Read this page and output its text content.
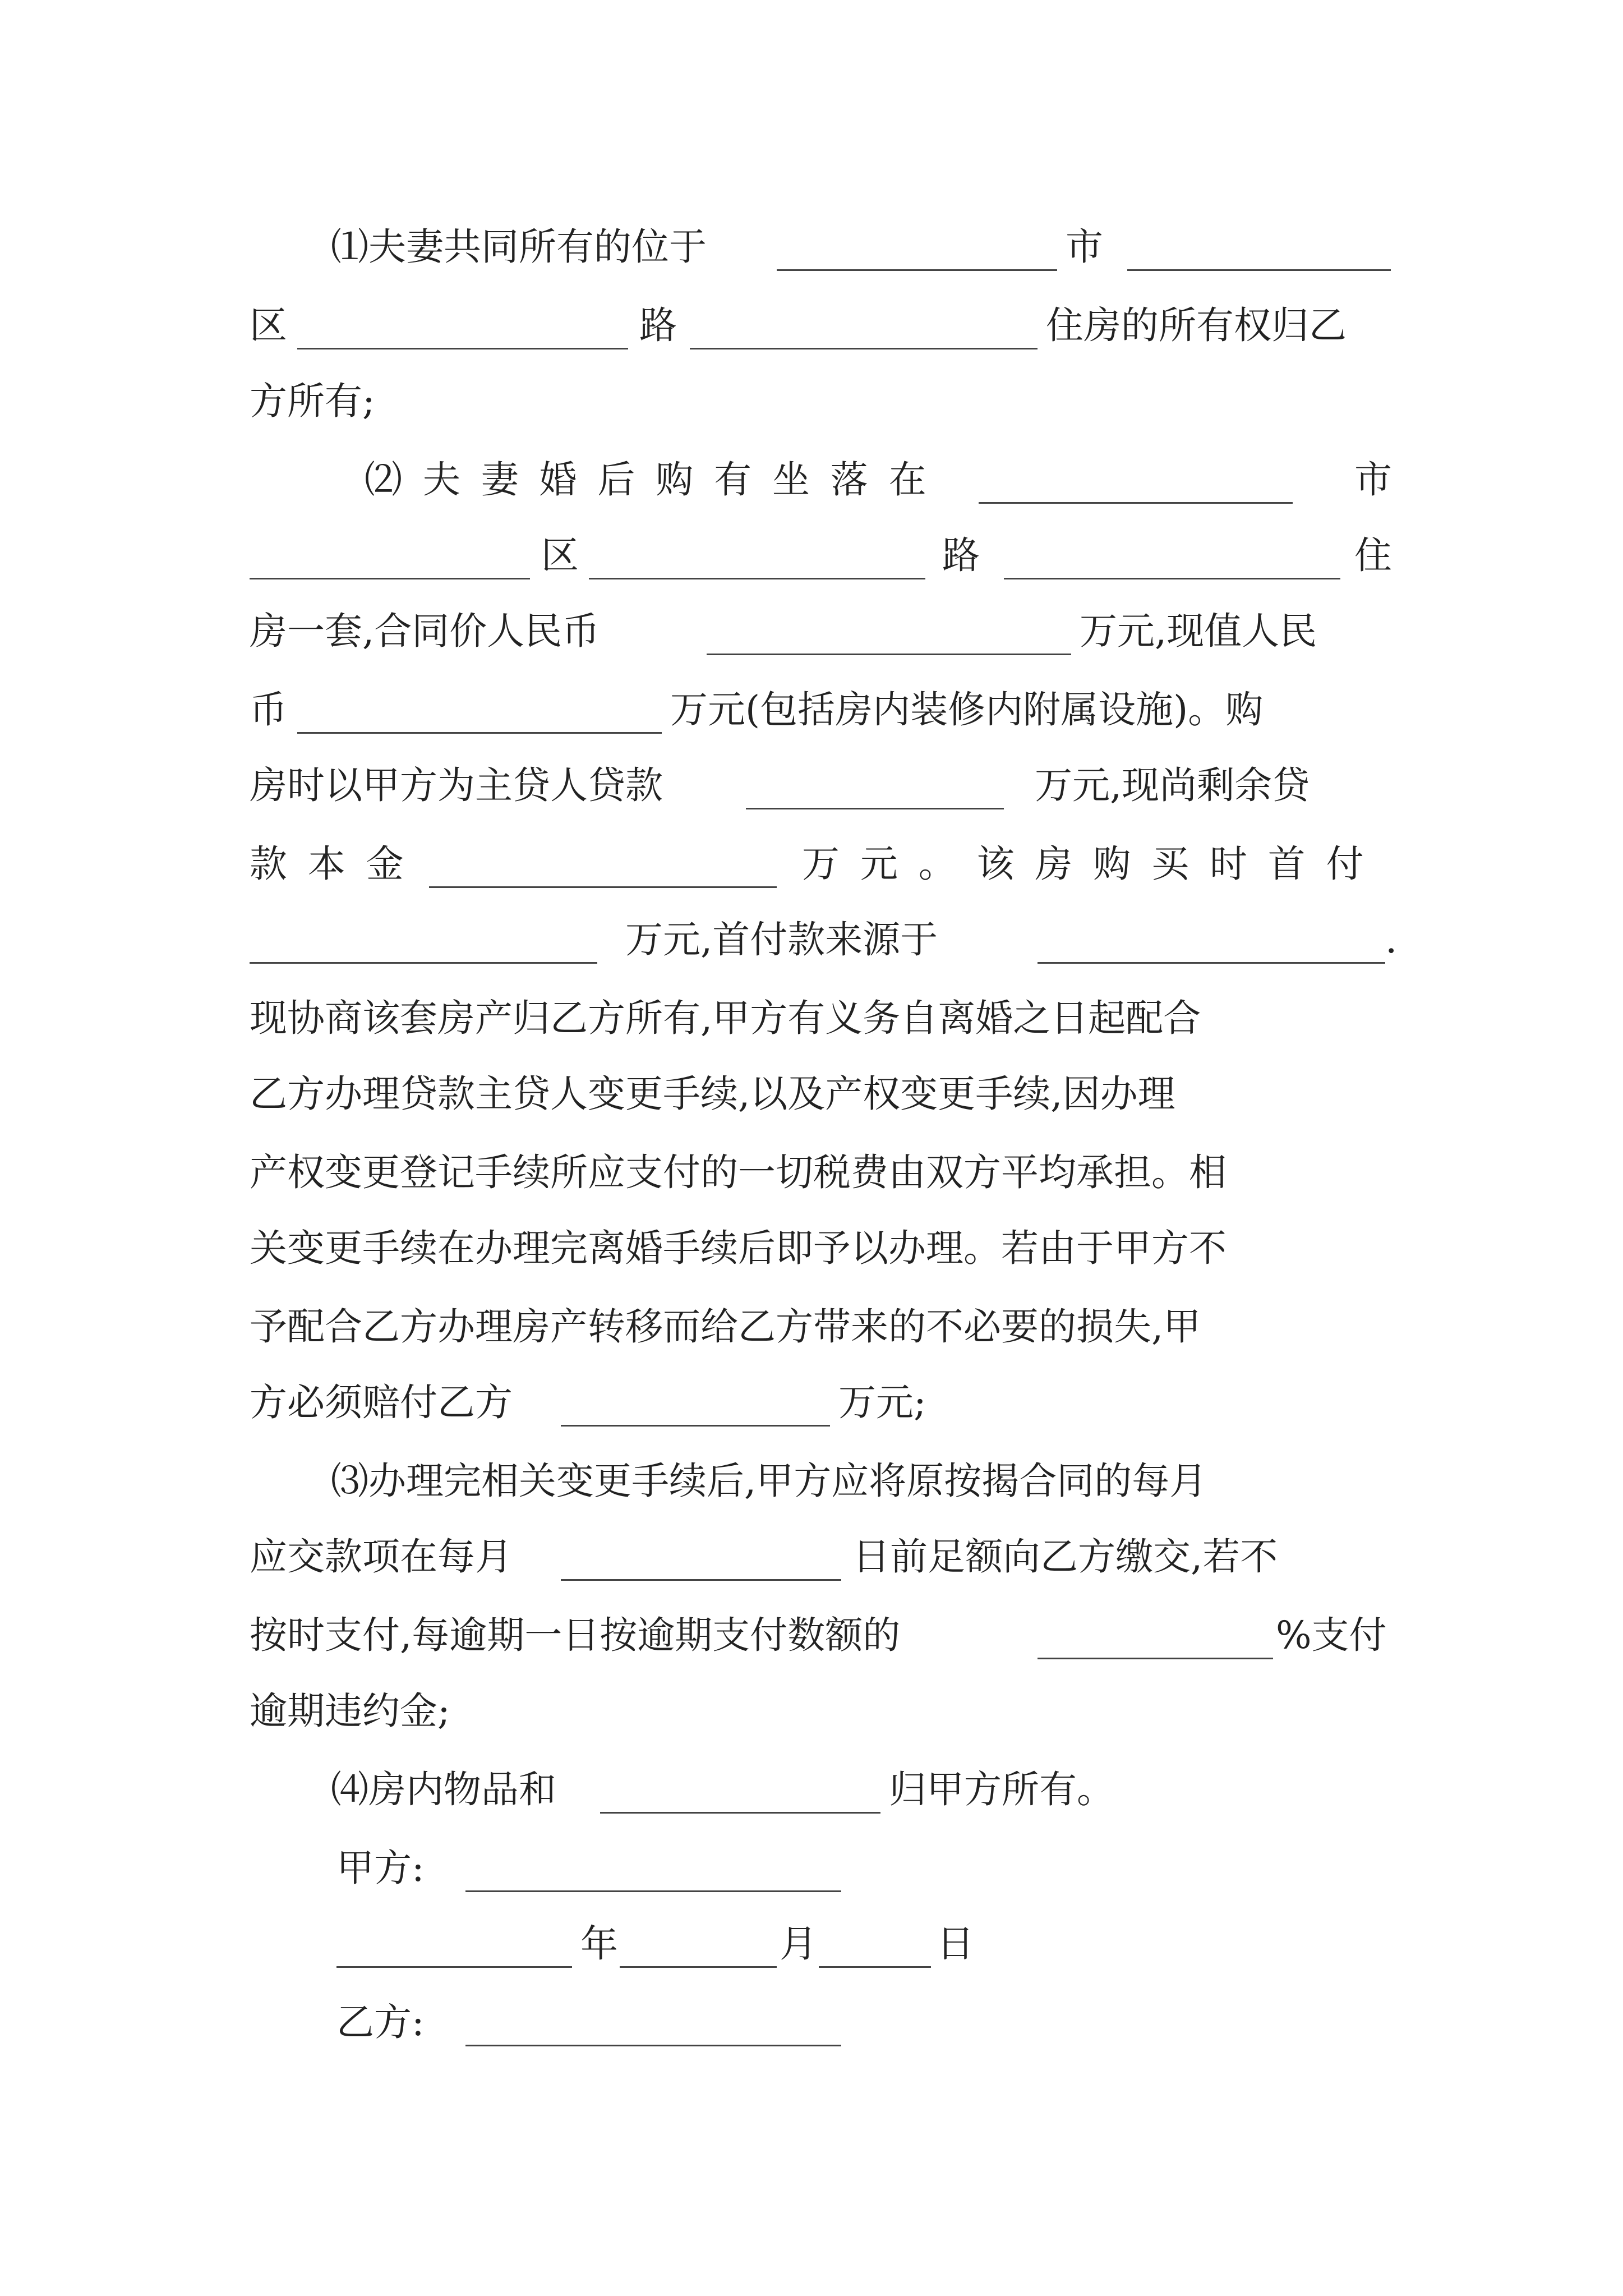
⑴夫妻共同所有的位于	市
区	路	住房的所有权归乙
方所有;
⑵夫妻婚后购有坐落在	市
区	路	住
房一套,合同价人民币	万元,现值人民
币	万元(包括房内装修内附属设施)。购
房时以甲方为主贷人贷款	万元,现尚剩余贷
款本金	万元。该房购买时首付
万元,首付款来源于	.
现协商该套房产归乙方所有,甲方有义务自离婚之日起配合
乙方办理贷款主贷人变更手续,以及产权变更手续,因办理
产权变更登记手续所应支付的一切税费由双方平均承担。相
关变更手续在办理完离婚手续后即予以办理。若由于甲方不
予配合乙方办理房产转移而给乙方带来的不必要的损失,甲
方必须赔付乙方	万元;
⑶办理完相关变更手续后,甲方应将原按揭合同的每月
应交款项在每月	日前足额向乙方缴交,若不
按时支付,每逾期一日按逾期支付数额的	%支付
逾期违约金;
⑷房内物品和	归甲方所有。
甲方:
年	月	日
乙方:
